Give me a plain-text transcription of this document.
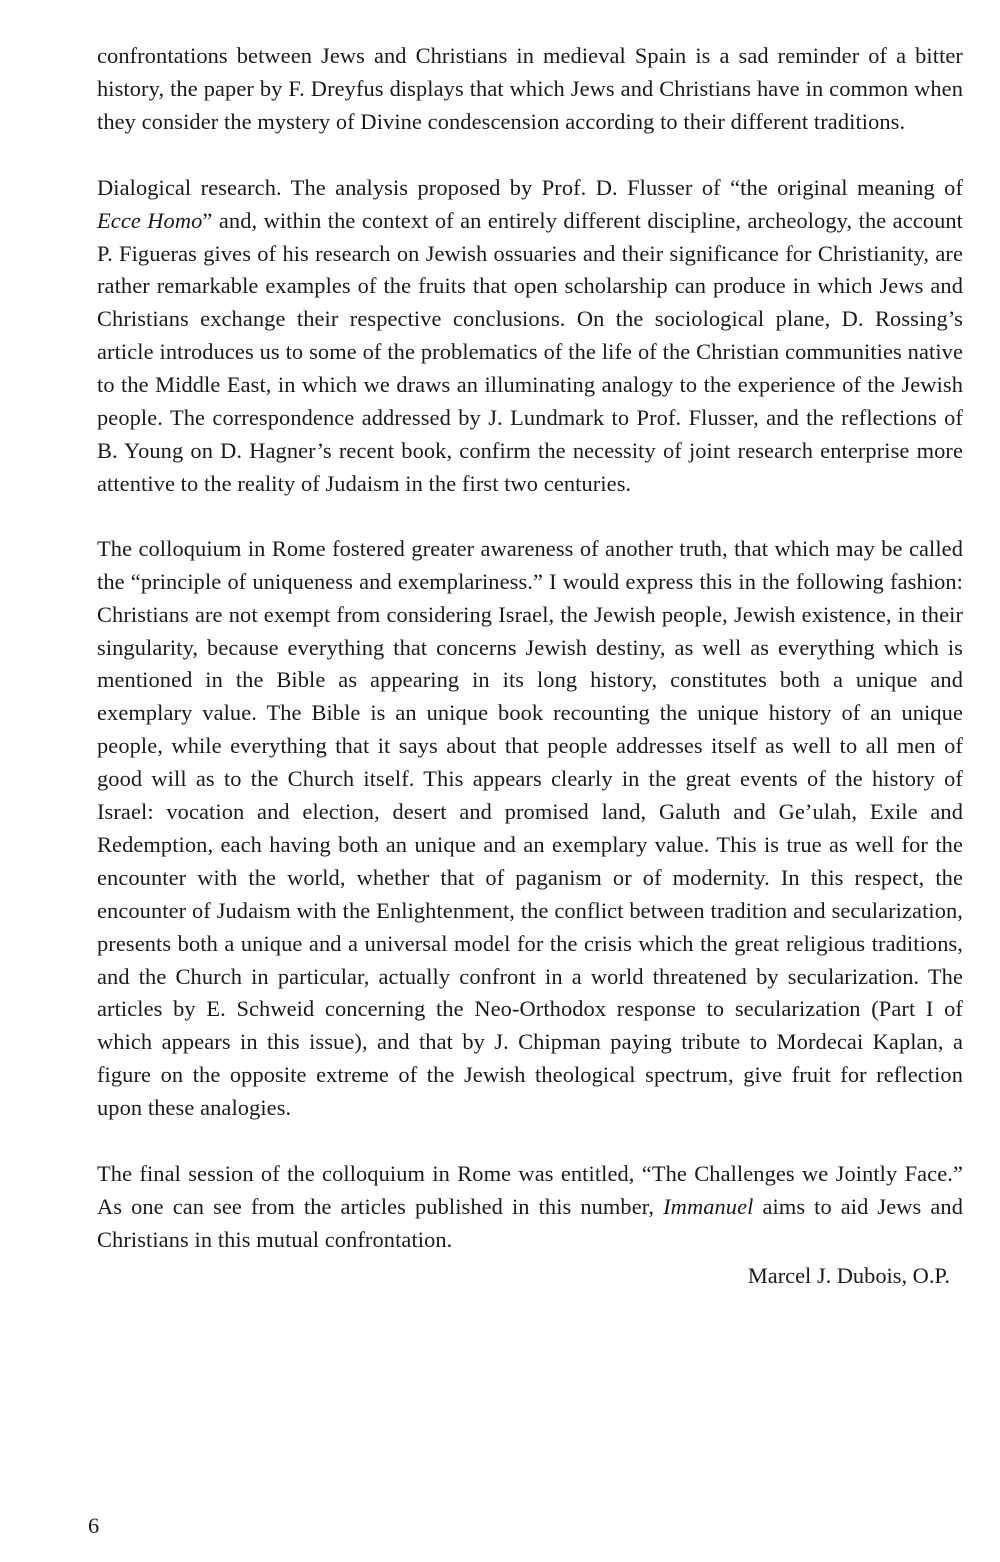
confrontations between Jews and Christians in medieval Spain is a sad reminder of a bitter history, the paper by F. Dreyfus displays that which Jews and Christians have in common when they consider the mystery of Divine condescension according to their different traditions.

Dialogical research. The analysis proposed by Prof. D. Flusser of “the original meaning of Ecce Homo” and, within the context of an entirely different discipline, archeology, the account P. Figueras gives of his research on Jewish ossuaries and their significance for Christianity, are rather remarkable examples of the fruits that open scholarship can produce in which Jews and Christians exchange their respective conclusions. On the sociological plane, D. Rossing’s article introduces us to some of the problematics of the life of the Christian communities native to the Middle East, in which we draws an illuminating analogy to the experience of the Jewish people. The correspondence addressed by J. Lundmark to Prof. Flusser, and the reflections of B. Young on D. Hagner’s recent book, confirm the necessity of joint research enterprise more attentive to the reality of Judaism in the first two centuries.

The colloquium in Rome fostered greater awareness of another truth, that which may be called the “principle of uniqueness and exemplariness.” I would express this in the following fashion: Christians are not exempt from considering Israel, the Jewish people, Jewish existence, in their singularity, because everything that concerns Jewish destiny, as well as everything which is mentioned in the Bible as appearing in its long history, constitutes both a unique and exemplary value. The Bible is an unique book recounting the unique history of an unique people, while everything that it says about that people addresses itself as well to all men of good will as to the Church itself. This appears clearly in the great events of the history of Israel: vocation and election, desert and promised land, Galuth and Ge’ulah, Exile and Redemption, each having both an unique and an exemplary value. This is true as well for the encounter with the world, whether that of paganism or of modernity. In this respect, the encounter of Judaism with the Enlightenment, the conflict between tradition and secularization, presents both a unique and a universal model for the crisis which the great religious traditions, and the Church in particular, actually confront in a world threatened by secularization. The articles by E. Schweid concerning the Neo-Orthodox response to secularization (Part I of which appears in this issue), and that by J. Chipman paying tribute to Mordecai Kaplan, a figure on the opposite extreme of the Jewish theological spectrum, give fruit for reflection upon these analogies.

The final session of the colloquium in Rome was entitled, “The Challenges we Jointly Face.” As one can see from the articles published in this number, Immanuel aims to aid Jews and Christians in this mutual confrontation.

Marcel J. Dubois, O.P.

6
